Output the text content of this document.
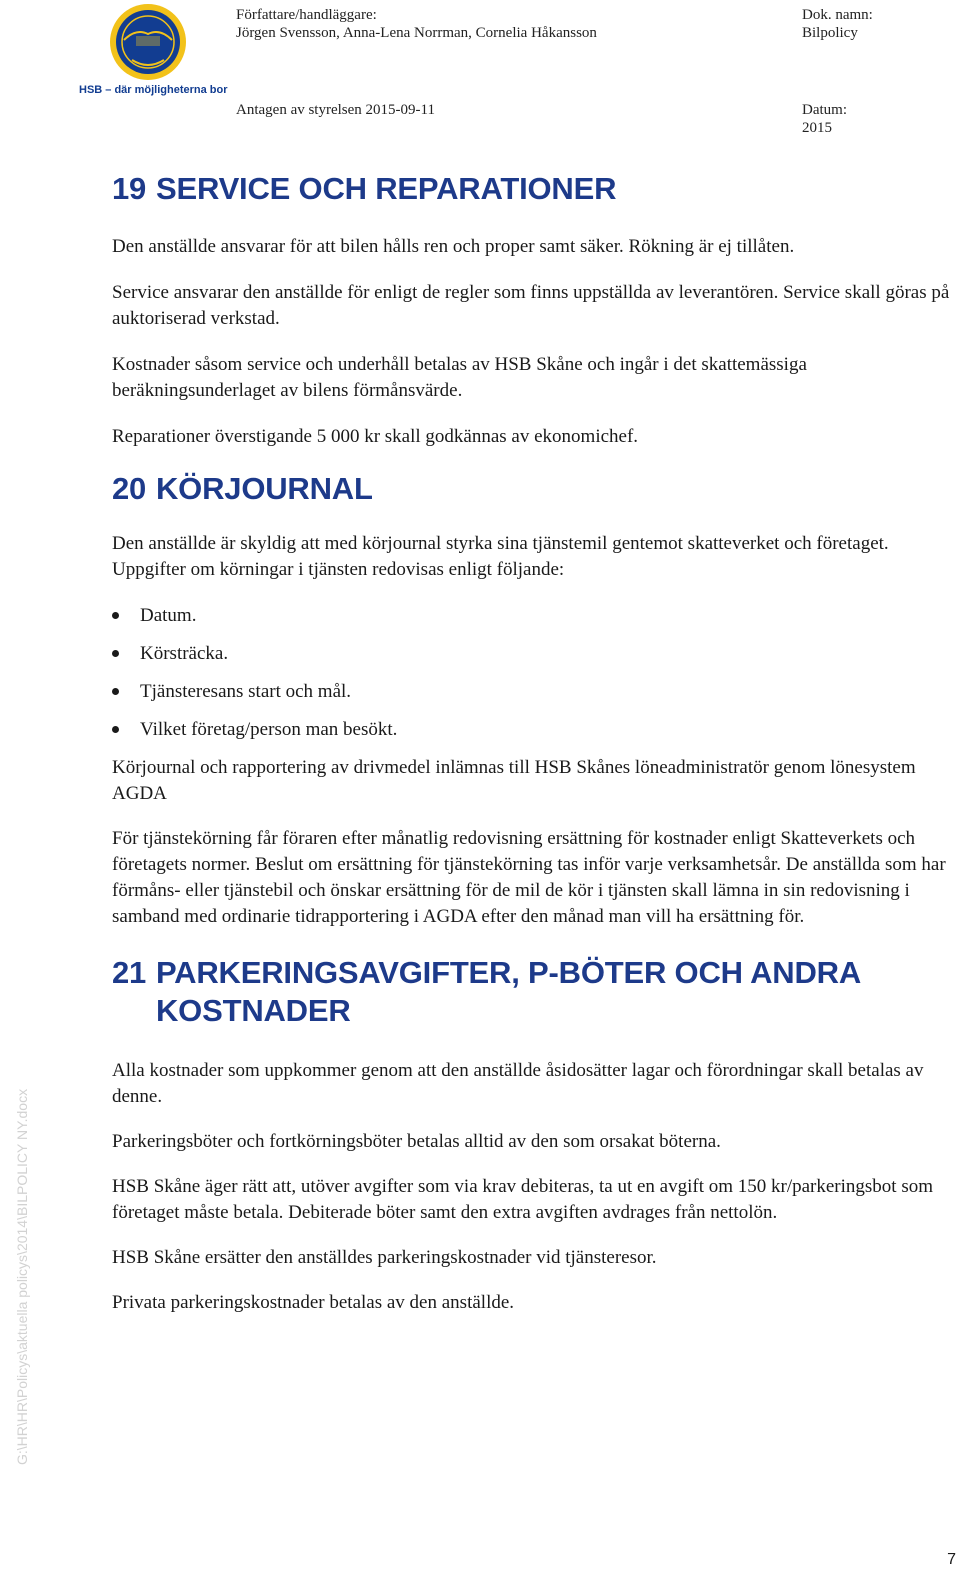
HSB – där möjligheterna bor
Författare/handläggare:
Jörgen Svensson, Anna-Lena Norrman, Cornelia Håkansson
Dok. namn:
Bilpolicy
Antagen av styrelsen 2015-09-11	Datum:
2015
19 SERVICE OCH REPARATIONER

Den anställde ansvarar för att bilen hålls ren och proper samt säker. Rökning är ej tillåten.

Service ansvarar den anställde för enligt de regler som finns uppställda av leverantören. Service skall göras på auktoriserad verkstad.

Kostnader såsom service och underhåll betalas av HSB Skåne och ingår i det skattemässiga beräkningsunderlaget av bilens förmånsvärde.

Reparationer överstigande 5 000 kr skall godkännas av ekonomichef.

20 KÖRJOURNAL

Den anställde är skyldig att med körjournal styrka sina tjänstemil gentemot skatteverket och företaget. Uppgifter om körningar i tjänsten redovisas enligt följande:

Datum.
Körsträcka.
Tjänsteresans start och mål.
Vilket företag/person man besökt.

Körjournal och rapportering av drivmedel inlämnas till HSB Skånes löneadministratör genom lönesystem AGDA

För tjänstekörning får föraren efter månatlig redovisning ersättning för kostnader enligt Skatteverkets och företagets normer. Beslut om ersättning för tjänstekörning tas inför varje verksamhetsår. De anställda som har förmåns- eller tjänstebil och önskar ersättning för de mil de kör i tjänsten skall lämna in sin redovisning i samband med ordinarie tidrapportering i AGDA efter den månad man vill ha ersättning för.

21 PARKERINGSAVGIFTER, P-BÖTER OCH ANDRA KOSTNADER

Alla kostnader som uppkommer genom att den anställde åsidosätter lagar och förordningar skall betalas av denne.

Parkeringsböter och fortkörningsböter betalas alltid av den som orsakat böterna.

HSB Skåne äger rätt att, utöver avgifter som via krav debiteras, ta ut en avgift om 150 kr/parkeringsbot som företaget måste betala. Debiterade böter samt den extra avgiften avdrages från nettolön.

HSB Skåne ersätter den anställdes parkeringskostnader vid tjänsteresor.

Privata parkeringskostnader betalas av den anställde.

G:\HR\HR\Policys\aktuella policys\2014\BILPOLICY NY.docx
7
